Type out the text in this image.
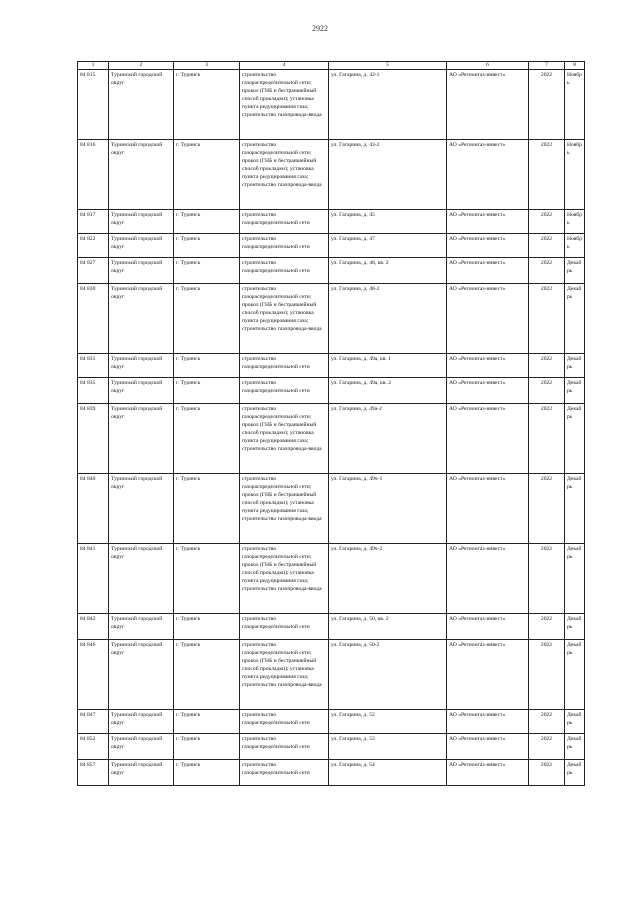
2922
1	2	3	4	5	6	7	8
84 815	Туринский городской округ	г. Туринск	строительство газораспределительной сети; прокол (ГНБ и бестраншейный способ прокладки); установка пункта редуцирования газа; строительство газопровода-ввода	ул. Гагарина, д. 43-1	АО «Регионгаз-инвест»	2022	Ноябрь
84 816	Туринский городской округ	г. Туринск	строительство газораспределительной сети; прокол (ГНБ и бестраншейный способ прокладки); установка пункта редуцирования газа; строительство газопровода-ввода	ул. Гагарина, д. 43-2	АО «Регионгаз-инвест»	2022	Ноябрь
84 817	Туринский городской округ	г. Туринск	строительство газораспределительной сети	ул. Гагарина, д. 45	АО «Регионгаз-инвест»	2022	Ноябрь
84 822	Туринский городской округ	г. Туринск	строительство газораспределительной сети	ул. Гагарина, д. 47	АО «Регионгаз-инвест»	2022	Ноябрь
84 827	Туринский городской округ	г. Туринск	строительство газораспределительной сети	ул. Гагарина, д. 48, кв. 2	АО «Регионгаз-инвест»	2022	Декабрь
84 830	Туринский городской округ	г. Туринск	строительство газораспределительной сети; прокол (ГНБ и бестраншейный способ прокладки); установка пункта редуцирования газа; строительство газопровода-ввода	ул. Гагарина, д. 48-2	АО «Регионгаз-инвест»	2022	Декабрь
84 831	Туринский городской округ	г. Туринск	строительство газораспределительной сети	ул. Гагарина, д. 49а, кв. 1	АО «Регионгаз-инвест»	2022	Декабрь
84 835	Туринский городской округ	г. Туринск	строительство газораспределительной сети	ул. Гагарина, д. 49а, кв. 2	АО «Регионгаз-инвест»	2022	Декабрь
84 839	Туринский городской округ	г. Туринск	строительство газораспределительной сети; прокол (ГНБ и бестраншейный способ прокладки); установка пункта редуцирования газа; строительство газопровода-ввода	ул. Гагарина, д. 49а-2	АО «Регионгаз-инвест»	2022	Декабрь
84 840	Туринский городской округ	г. Туринск	строительство газораспределительной сети; прокол (ГНБ и бестраншейный способ прокладки); установка пункта редуцирования газа; строительство газопровода-ввода	ул. Гагарина, д. 49ч-1	АО «Регионгаз-инвест»	2022	Декабрь
84 841	Туринский городской округ	г. Туринск	строительство газораспределительной сети; прокол (ГНБ и бестраншейный способ прокладки); установка пункта редуцирования газа; строительство газопровода-ввода	ул. Гагарина, д. 49ч-2	АО «Регионгаз-инвест»	2022	Декабрь
84 842	Туринский городской округ	г. Туринск	строительство газораспределительной сети	ул. Гагарина, д. 50, кв. 2	АО «Регионгаз-инвест»	2022	Декабрь
84 846	Туринский городской округ	г. Туринск	строительство газораспределительной сети; прокол (ГНБ и бестраншейный способ прокладки); установка пункта редуцирования газа; строительство газопровода-ввода	ул. Гагарина, д. 50-2	АО «Регионгаз-инвест»	2022	Декабрь
84 847	Туринский городской округ	г. Туринск	строительство газораспределительной сети	ул. Гагарина, д. 52	АО «Регионгаз-инвест»	2022	Декабрь
84 852	Туринский городской округ	г. Туринск	строительство газораспределительной сети	ул. Гагарина, д. 53	АО «Регионгаз-инвест»	2022	Декабрь
84 857	Туринский городской округ	г. Туринск	строительство газораспределительной сети	ул. Гагарина, д. 54	АО «Регионгаз-инвест»	2022	Декабрь
